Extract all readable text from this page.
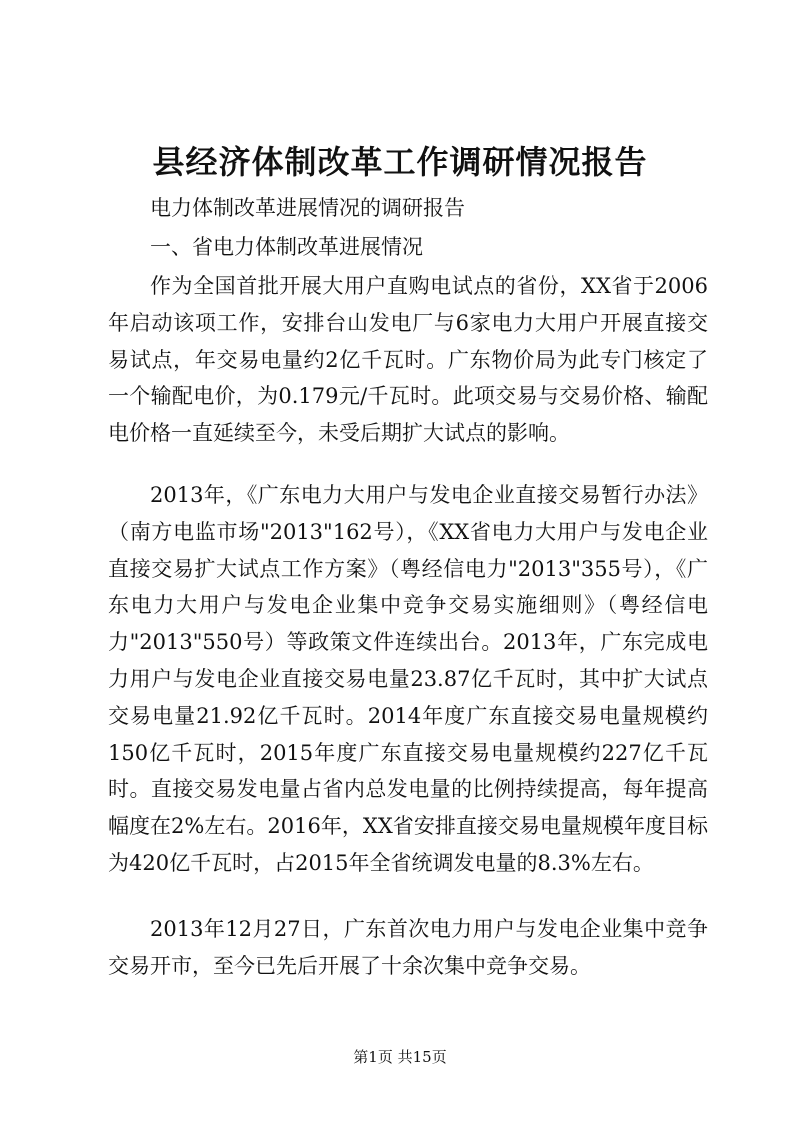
县经济体制改革工作调研情况报告

电力体制改革进展情况的调研报告

一、省电力体制改革进展情况

作为全国首批开展大用户直购电试点的省份，XX省于2006年启动该项工作，安排台山发电厂与6家电力大用户开展直接交易试点，年交易电量约2亿千瓦时。广东物价局为此专门核定了一个输配电价，为0.179元/千瓦时。此项交易与交易价格、输配电价格一直延续至今，未受后期扩大试点的影响。

2013年，《广东电力大用户与发电企业直接交易暂行办法》（南方电监市场"2013"162号），《XX省电力大用户与发电企业直接交易扩大试点工作方案》（粤经信电力"2013"355号），《广东电力大用户与发电企业集中竞争交易实施细则》（粤经信电力"2013"550号）等政策文件连续出台。2013年，广东完成电力用户与发电企业直接交易电量23.87亿千瓦时，其中扩大试点交易电量21.92亿千瓦时。2014年度广东直接交易电量规模约150亿千瓦时，2015年度广东直接交易电量规模约227亿千瓦时。直接交易发电量占省内总发电量的比例持续提高，每年提高幅度在2%左右。2016年，XX省安排直接交易电量规模年度目标为420亿千瓦时，占2015年全省统调发电量的8.3%左右。

2013年12月27日，广东首次电力用户与发电企业集中竞争交易开市，至今已先后开展了十余次集中竞争交易。

第1页 共15页
